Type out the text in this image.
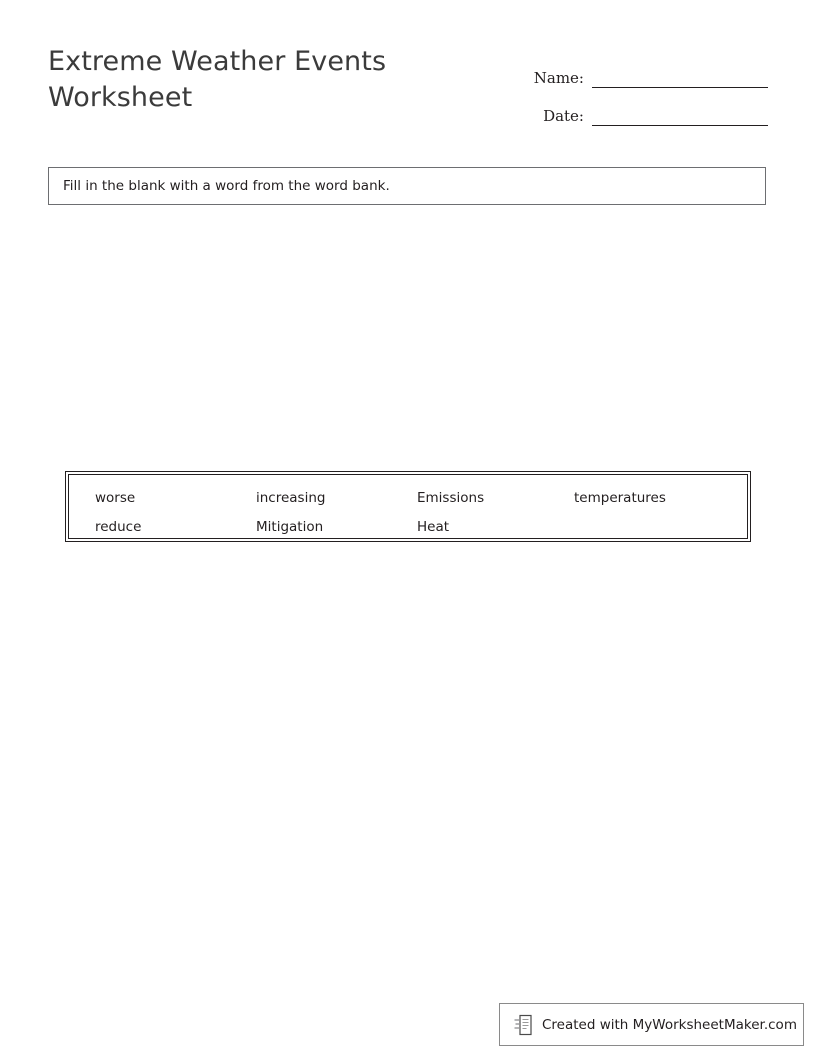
Extreme Weather Events Worksheet
Name:
Date:
Fill in the blank with a word from the word bank.
worse	increasing	Emissions	temperatures
reduce	Mitigation	Heat
Created with MyWorksheetMaker.com
